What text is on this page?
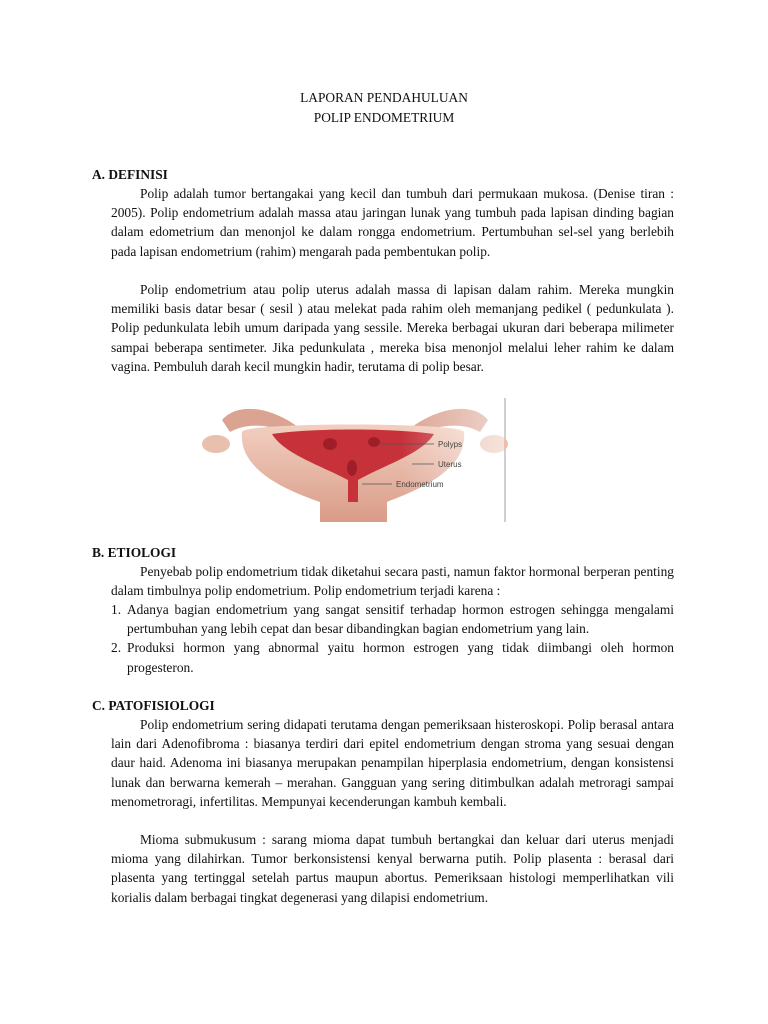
LAPORAN PENDAHULUAN
POLIP ENDOMETRIUM
A. DEFINISI

Polip adalah tumor bertangakai yang kecil dan tumbuh dari permukaan mukosa. (Denise tiran : 2005). Polip endometrium adalah massa atau jaringan lunak yang tumbuh pada lapisan dinding bagian dalam edometrium dan menonjol ke dalam rongga endometrium. Pertumbuhan sel-sel yang berlebih pada lapisan endometrium (rahim) mengarah pada pembentukan polip.

Polip endometrium atau polip uterus adalah massa di lapisan dalam rahim. Mereka mungkin memiliki basis datar besar ( sesil ) atau melekat pada rahim oleh memanjang pedikel ( pedunkulata ). Polip pedunkulata lebih umum daripada yang sessile. Mereka berbagai ukuran dari beberapa milimeter sampai beberapa sentimeter. Jika pedunkulata , mereka bisa menonjol melalui leher rahim ke dalam vagina. Pembuluh darah kecil mungkin hadir, terutama di polip besar.

Polyps
Uterus
Endometrium
B. ETIOLOGI

Penyebab polip endometrium tidak diketahui secara pasti, namun faktor hormonal berperan penting dalam timbulnya polip endometrium. Polip endometrium terjadi karena :

1. Adanya bagian endometrium yang sangat sensitif terhadap hormon estrogen sehingga mengalami pertumbuhan yang lebih cepat dan besar dibandingkan bagian endometrium yang lain.
2. Produksi hormon yang abnormal yaitu hormon estrogen yang tidak diimbangi oleh hormon progesteron.
C. PATOFISIOLOGI

Polip endometrium sering didapati terutama dengan pemeriksaan histeroskopi. Polip berasal antara lain dari Adenofibroma : biasanya terdiri dari epitel endometrium dengan stroma yang sesuai dengan daur haid. Adenoma ini biasanya merupakan penampilan hiperplasia endometrium, dengan konsistensi lunak dan berwarna kemerah – merahan. Gangguan yang sering ditimbulkan adalah metroragi sampai menometroragi, infertilitas. Mempunyai kecenderungan kambuh kembali.

Mioma submukusum : sarang mioma dapat tumbuh bertangkai dan keluar dari uterus menjadi mioma yang dilahirkan. Tumor berkonsistensi kenyal berwarna putih. Polip plasenta : berasal dari plasenta yang tertinggal setelah partus maupun abortus. Pemeriksaan histologi memperlihatkan vili korialis dalam berbagai tingkat degenerasi yang dilapisi endometrium.
